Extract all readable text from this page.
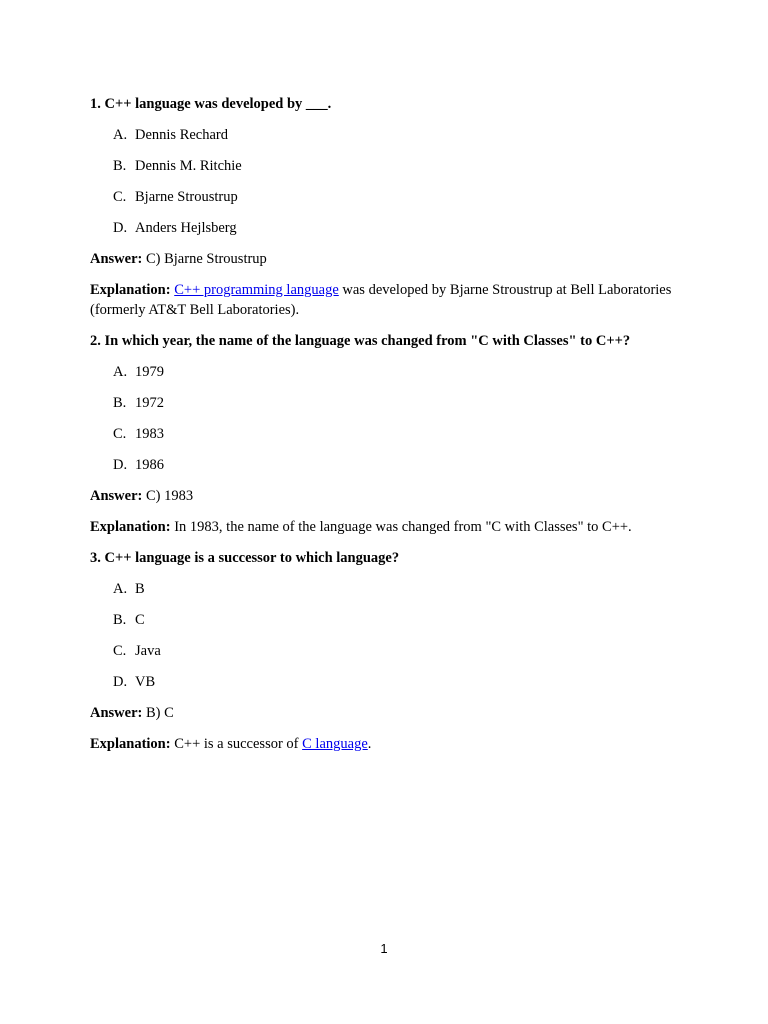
1. C++ language was developed by ___.
A. Dennis Rechard
B. Dennis M. Ritchie
C. Bjarne Stroustrup
D. Anders Hejlsberg
Answer: C) Bjarne Stroustrup
Explanation: C++ programming language was developed by Bjarne Stroustrup at Bell Laboratories (formerly AT&T Bell Laboratories).
2. In which year, the name of the language was changed from "C with Classes" to C++?
A. 1979
B. 1972
C. 1983
D. 1986
Answer: C) 1983
Explanation: In 1983, the name of the language was changed from "C with Classes" to C++.
3. C++ language is a successor to which language?
A. B
B. C
C. Java
D. VB
Answer: B) C
Explanation: C++ is a successor of C language.
1
